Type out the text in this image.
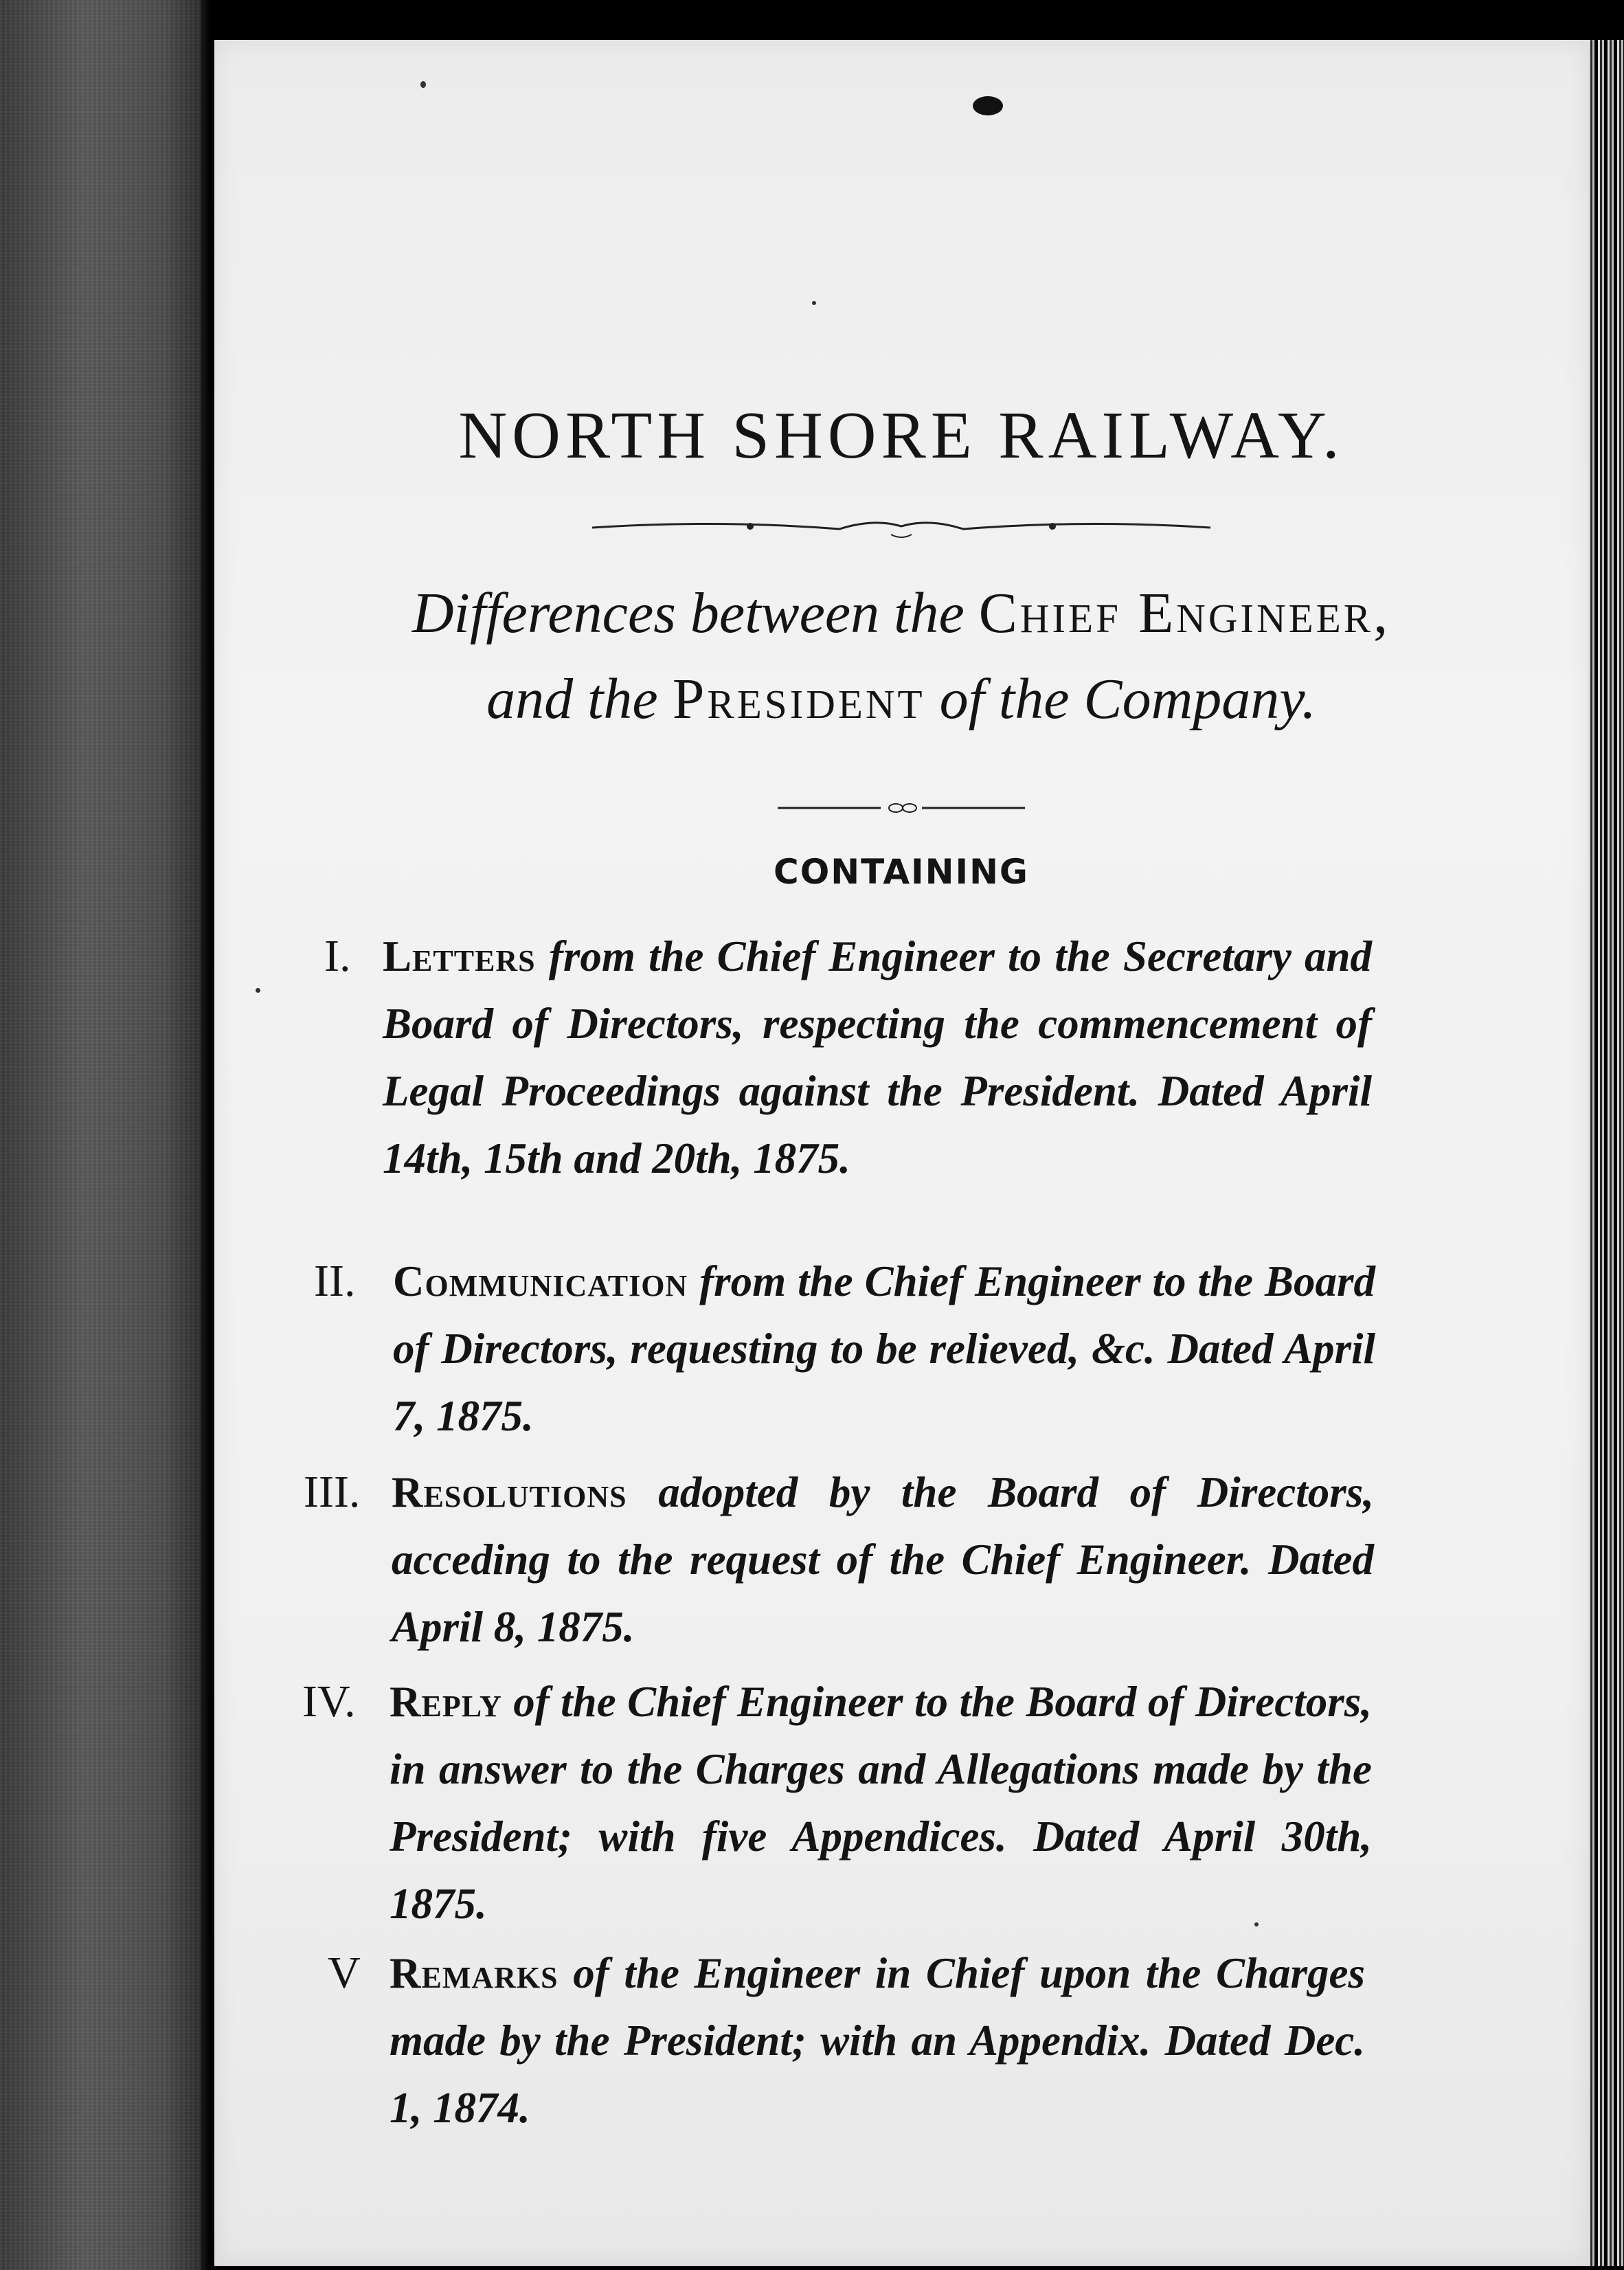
NORTH SHORE RAILWAY.
Differences between the Chief Engineer,
and the President of the Company.
CONTAINING
I. Letters from the Chief Engineer to the Secretary and Board of Directors, respecting the commencement of Legal Proceedings against the President. Dated April 14th, 15th and 20th, 1875.
II. Communication from the Chief Engineer to the Board of Directors, requesting to be relieved, &c. Dated April 7, 1875.
III. Resolutions adopted by the Board of Directors, acceding to the request of the Chief Engineer. Dated April 8, 1875.
IV. Reply of the Chief Engineer to the Board of Directors, in answer to the Charges and Allegations made by the President; with five Appendices. Dated April 30th, 1875.
V Remarks of the Engineer in Chief upon the Charges made by the President; with an Appendix. Dated Dec. 1, 1874.
